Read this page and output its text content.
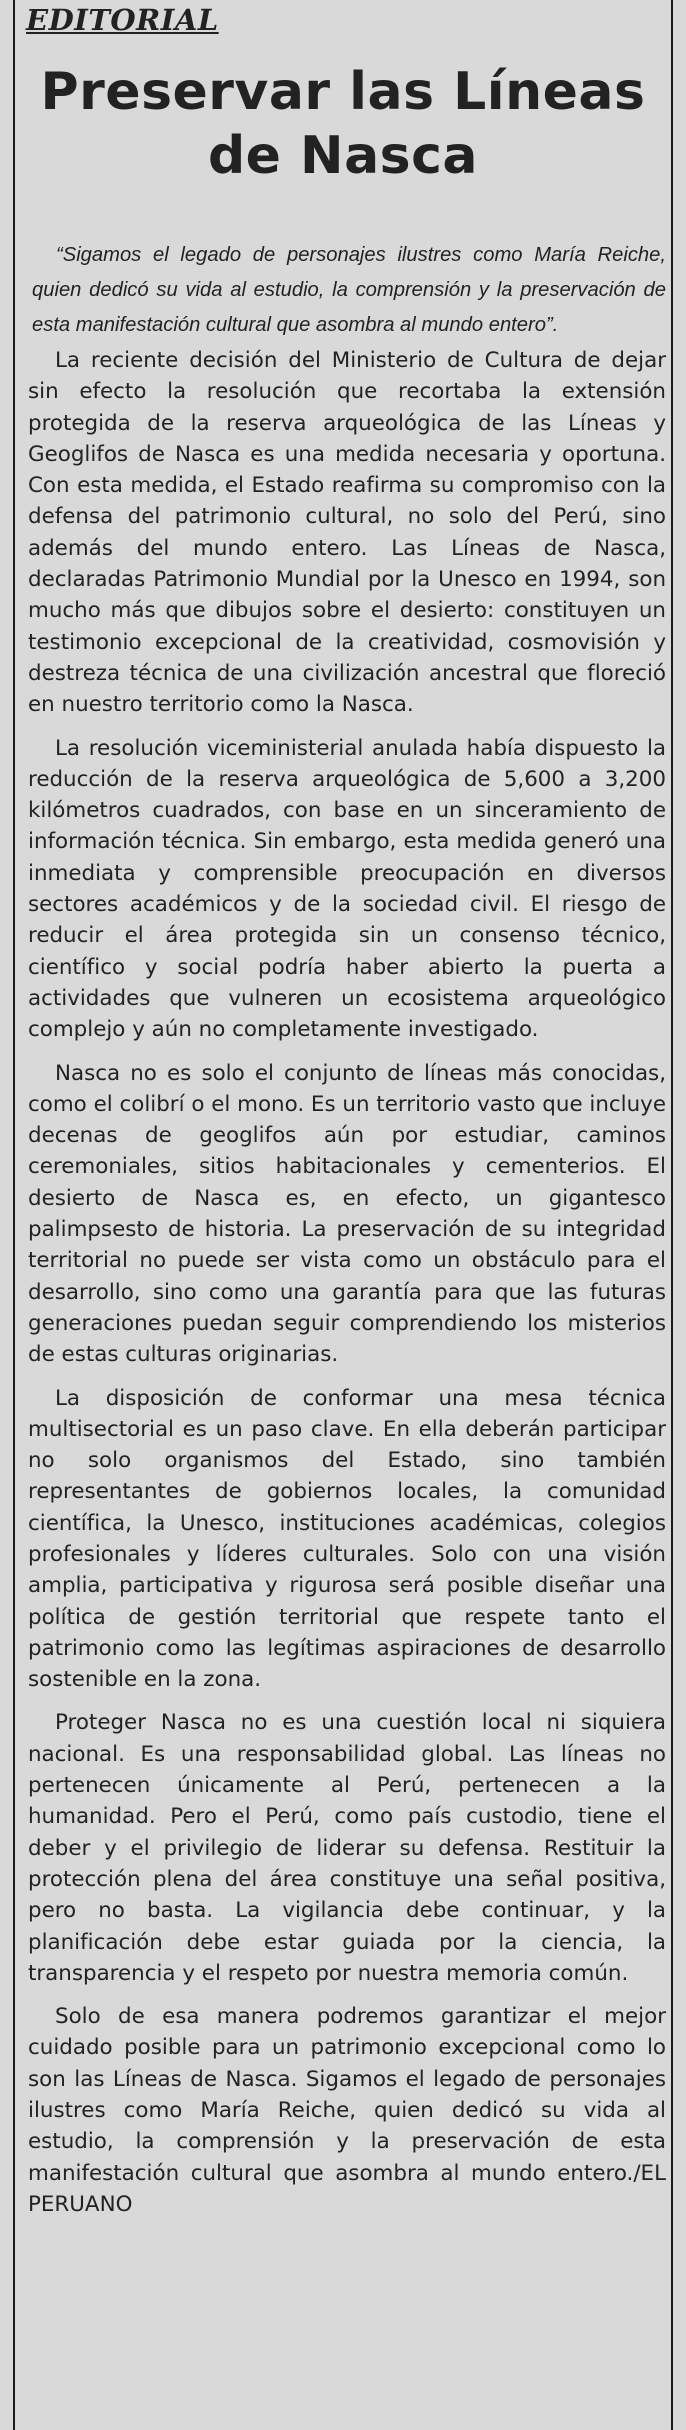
EDITORIAL
Preservar las Líneas
de Nasca

“Sigamos el legado de personajes ilustres como María Reiche, quien dedicó su vida al estudio, la comprensión y la preservación de esta manifestación cultural que asombra al mundo entero”.

La reciente decisión del Ministerio de Cultura de dejar sin efecto la resolución que recortaba la extensión protegida de la reserva arqueológica de las Líneas y Geoglifos de Nasca es una medida necesaria y oportuna. Con esta medida, el Estado reafirma su compromiso con la defensa del patrimonio cultural, no solo del Perú, sino además del mundo entero. Las Líneas de Nasca, declaradas Patrimonio Mundial por la Unesco en 1994, son mucho más que dibujos sobre el desierto: constituyen un testimonio excepcional de la creatividad, cosmovisión y destreza técnica de una civilización ancestral que floreció en nuestro territorio como la Nasca.

La resolución viceministerial anulada había dispuesto la reducción de la reserva arqueológica de 5,600 a 3,200 kilómetros cuadrados, con base en un sinceramiento de información técnica. Sin embargo, esta medida generó una inmediata y comprensible preocupación en diversos sectores académicos y de la sociedad civil. El riesgo de reducir el área protegida sin un consenso técnico, científico y social podría haber abierto la puerta a actividades que vulneren un ecosistema arqueológico complejo y aún no completamente investigado.

Nasca no es solo el conjunto de líneas más conocidas, como el colibrí o el mono. Es un territorio vasto que incluye decenas de geoglifos aún por estudiar, caminos ceremoniales, sitios habitacionales y cementerios. El desierto de Nasca es, en efecto, un gigantesco palimpsesto de historia. La preservación de su integridad territorial no puede ser vista como un obstáculo para el desarrollo, sino como una garantía para que las futuras generaciones puedan seguir comprendiendo los misterios de estas culturas originarias.

La disposición de conformar una mesa técnica multisectorial es un paso clave. En ella deberán participar no solo organismos del Estado, sino también representantes de gobiernos locales, la comunidad científica, la Unesco, instituciones académicas, colegios profesionales y líderes culturales. Solo con una visión amplia, participativa y rigurosa será posible diseñar una política de gestión territorial que respete tanto el patrimonio como las legítimas aspiraciones de desarrollo sostenible en la zona.

Proteger Nasca no es una cuestión local ni siquiera nacional. Es una responsabilidad global. Las líneas no pertenecen únicamente al Perú, pertenecen a la humanidad. Pero el Perú, como país custodio, tiene el deber y el privilegio de liderar su defensa. Restituir la protección plena del área constituye una señal positiva, pero no basta. La vigilancia debe continuar, y la planificación debe estar guiada por la ciencia, la transparencia y el respeto por nuestra memoria común.

Solo de esa manera podremos garantizar el mejor cuidado posible para un patrimonio excepcional como lo son las Líneas de Nasca. Sigamos el legado de personajes ilustres como María Reiche, quien dedicó su vida al estudio, la comprensión y la preservación de esta manifestación cultural que asombra al mundo entero./EL PERUANO
